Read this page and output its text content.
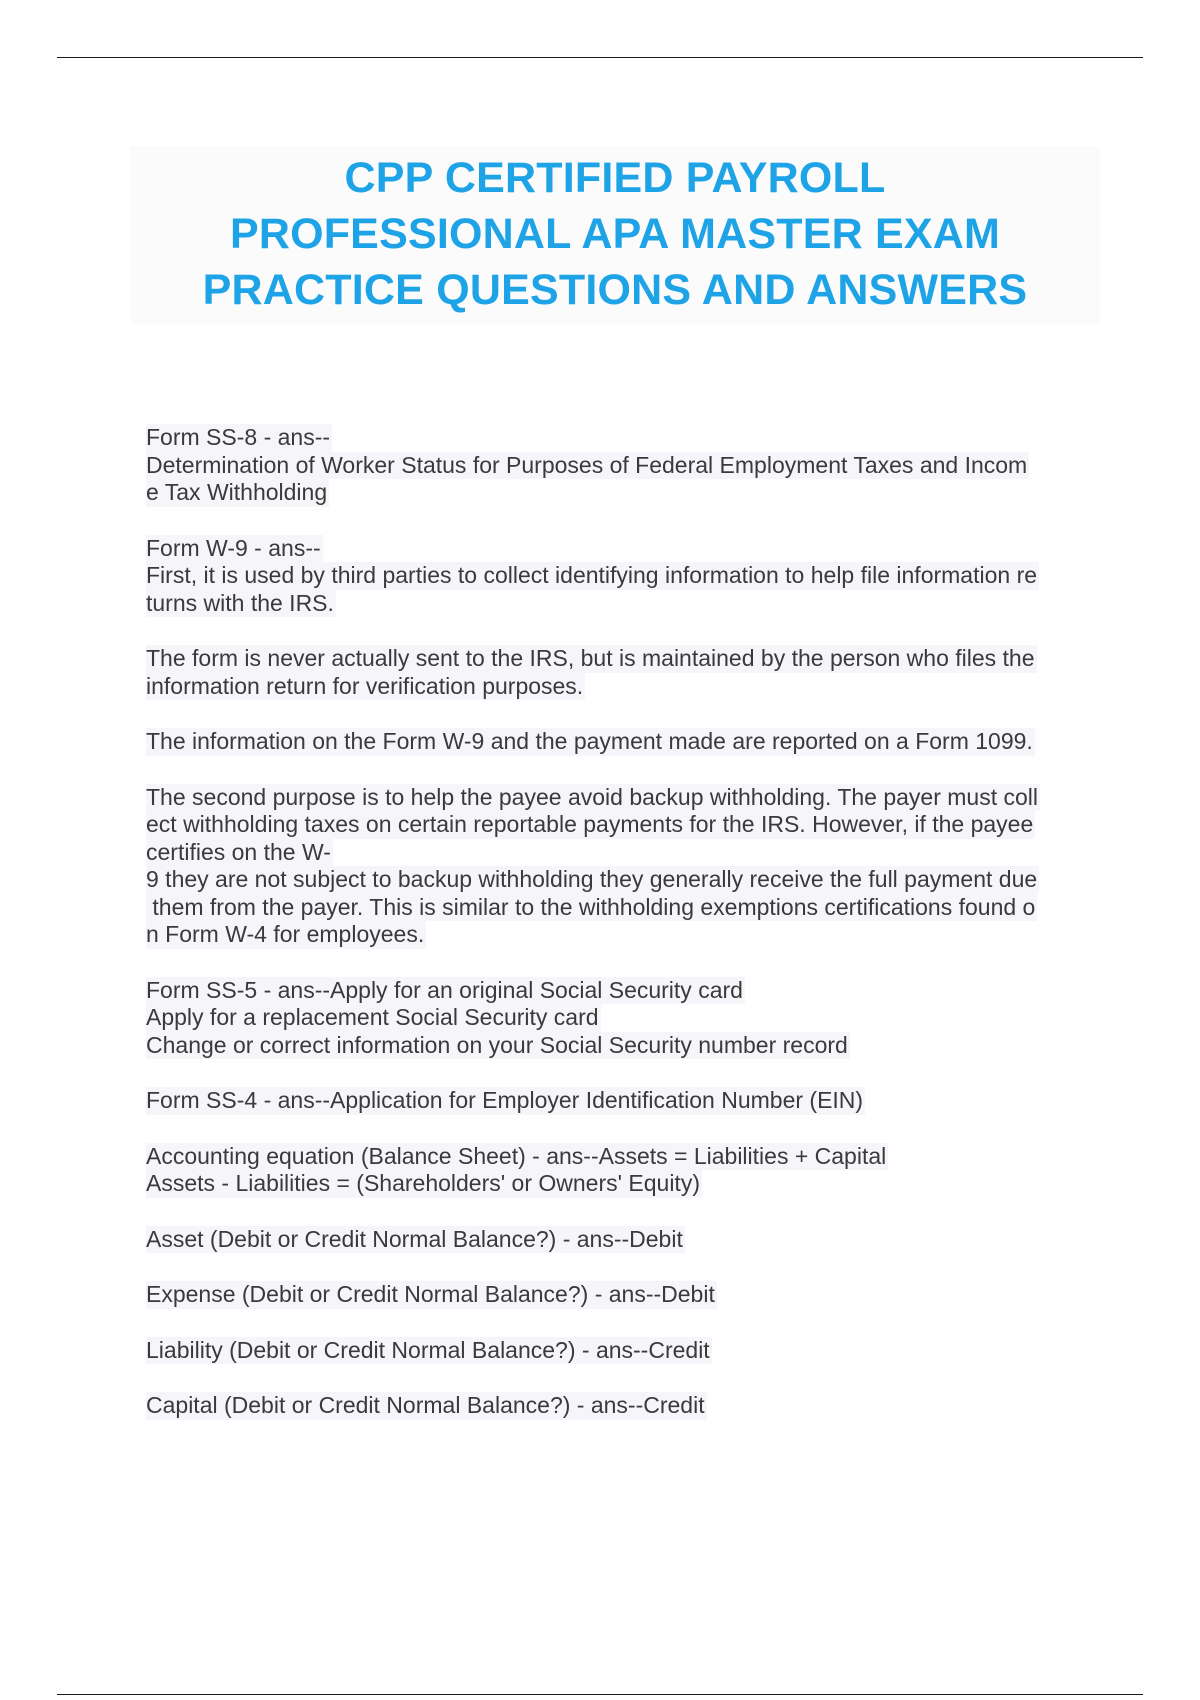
CPP CERTIFIED PAYROLL
PROFESSIONAL APA MASTER EXAM
PRACTICE QUESTIONS AND ANSWERS

Form SS-8 - ans--

Determination of Worker Status for Purposes of Federal Employment Taxes and Incom

e Tax Withholding

Form W-9 - ans--

First, it is used by third parties to collect identifying information to help file information re

turns with the IRS.

The form is never actually sent to the IRS, but is maintained by the person who files the

information return for verification purposes.

The information on the Form W-9 and the payment made are reported on a Form 1099.

The second purpose is to help the payee avoid backup withholding. The payer must coll

ect withholding taxes on certain reportable payments for the IRS. However, if the payee

certifies on the W-

9 they are not subject to backup withholding they generally receive the full payment due

them from the payer. This is similar to the withholding exemptions certifications found o

n Form W-4 for employees.

Form SS-5 - ans--Apply for an original Social Security card

Apply for a replacement Social Security card

Change or correct information on your Social Security number record

Form SS-4 - ans--Application for Employer Identification Number (EIN)

Accounting equation (Balance Sheet) - ans--Assets = Liabilities + Capital

Assets - Liabilities = (Shareholders' or Owners' Equity)

Asset (Debit or Credit Normal Balance?) - ans--Debit

Expense (Debit or Credit Normal Balance?) - ans--Debit

Liability (Debit or Credit Normal Balance?) - ans--Credit

Capital (Debit or Credit Normal Balance?) - ans--Credit
